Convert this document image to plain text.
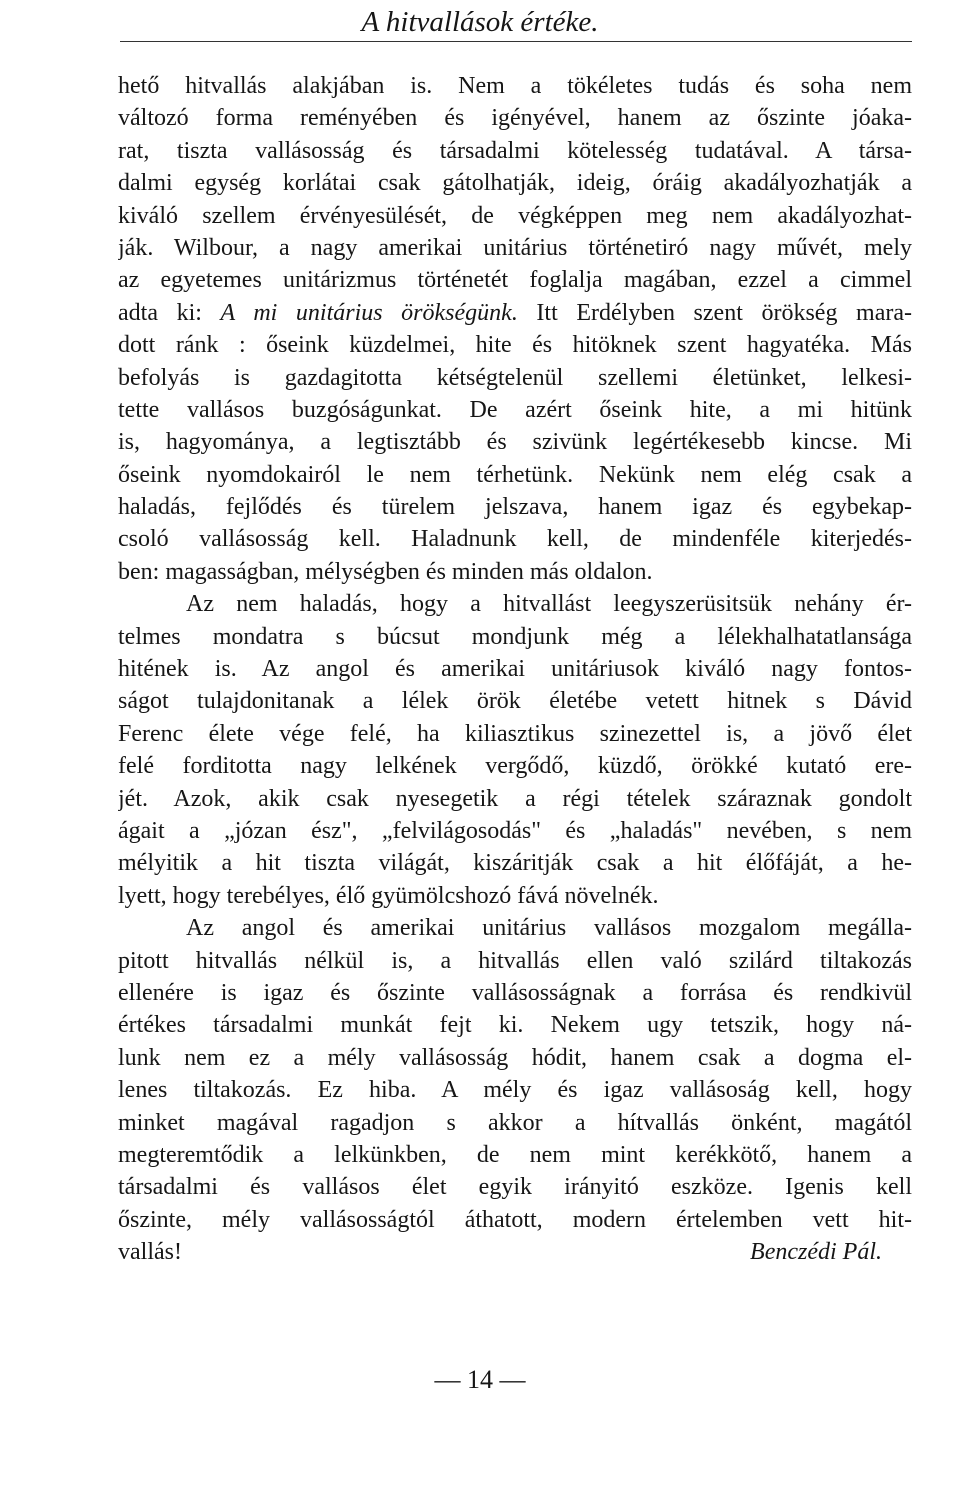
A hitvallások értéke.
hető hitvallás alakjában is. Nem a tökéletes tudás és soha nem
változó forma reményében és igényével, hanem az őszinte jóaka-
rat, tiszta vallásosság és társadalmi kötelesség tudatával. A társa-
dalmi egység korlátai csak gátolhatják, ideig, óráig akadályozhatják a
kiváló szellem érvényesülését, de végképpen meg nem akadályozhat-
ják. Wilbour, a nagy amerikai unitárius történetiró nagy művét, mely
az egyetemes unitárizmus történetét foglalja magában, ezzel a cimmel
adta ki: A mi unitárius örökségünk. Itt Erdélyben szent örökség mara-
dott ránk : őseink küzdelmei, hite és hitöknek szent hagyatéka. Más
befolyás is gazdagitotta kétségtelenül szellemi életünket, lelkesi-
tette vallásos buzgóságunkat. De azért őseink hite, a mi hitünk
is, hagyománya, a legtisztább és szivünk legértékesebb kincse. Mi
őseink nyomdokairól le nem térhetünk. Nekünk nem elég csak a
haladás, fejlődés és türelem jelszava, hanem igaz és egybekap-
csoló vallásosság kell. Haladnunk kell, de mindenféle kiterjedés-
ben: magasságban, mélységben és minden más oldalon.
Az nem haladás, hogy a hitvallást leegyszerüsitsük nehány ér-
telmes mondatra s búcsut mondjunk még a lélekhalhatatlansága
hitének is. Az angol és amerikai unitáriusok kiváló nagy fontos-
ságot tulajdonitanak a lélek örök életébe vetett hitnek s Dávid
Ferenc élete vége felé, ha kiliasztikus szinezettel is, a jövő élet
felé forditotta nagy lelkének vergődő, küzdő, örökké kutató ere-
jét. Azok, akik csak nyesegetik a régi tételek száraznak gondolt
ágait a „józan ész", „felvilágosodás" és „haladás" nevében, s nem
mélyitik a hit tiszta világát, kiszáritják csak a hit élőfáját, a he-
lyett, hogy terebélyes, élő gyümölcshozó fává növelnék.
Az angol és amerikai unitárius vallásos mozgalom megálla-
pitott hitvallás nélkül is, a hitvallás ellen való szilárd tiltakozás
ellenére is igaz és őszinte vallásosságnak a forrása és rendkivül
értékes társadalmi munkát fejt ki. Nekem ugy tetszik, hogy ná-
lunk nem ez a mély vallásosság hódit, hanem csak a dogma el-
lenes tiltakozás. Ez hiba. A mély és igaz vallásoság kell, hogy
minket magával ragadjon s akkor a hítvallás önként, magától
megteremtődik a lelkünkben, de nem mint kerékkötő, hanem a
társadalmi és vallásos élet egyik irányitó eszköze. Igenis kell
őszinte, mély vallásosságtól áthatott, modern értelemben vett hit-
vallás!	Benczédi Pál.
— 14 —
